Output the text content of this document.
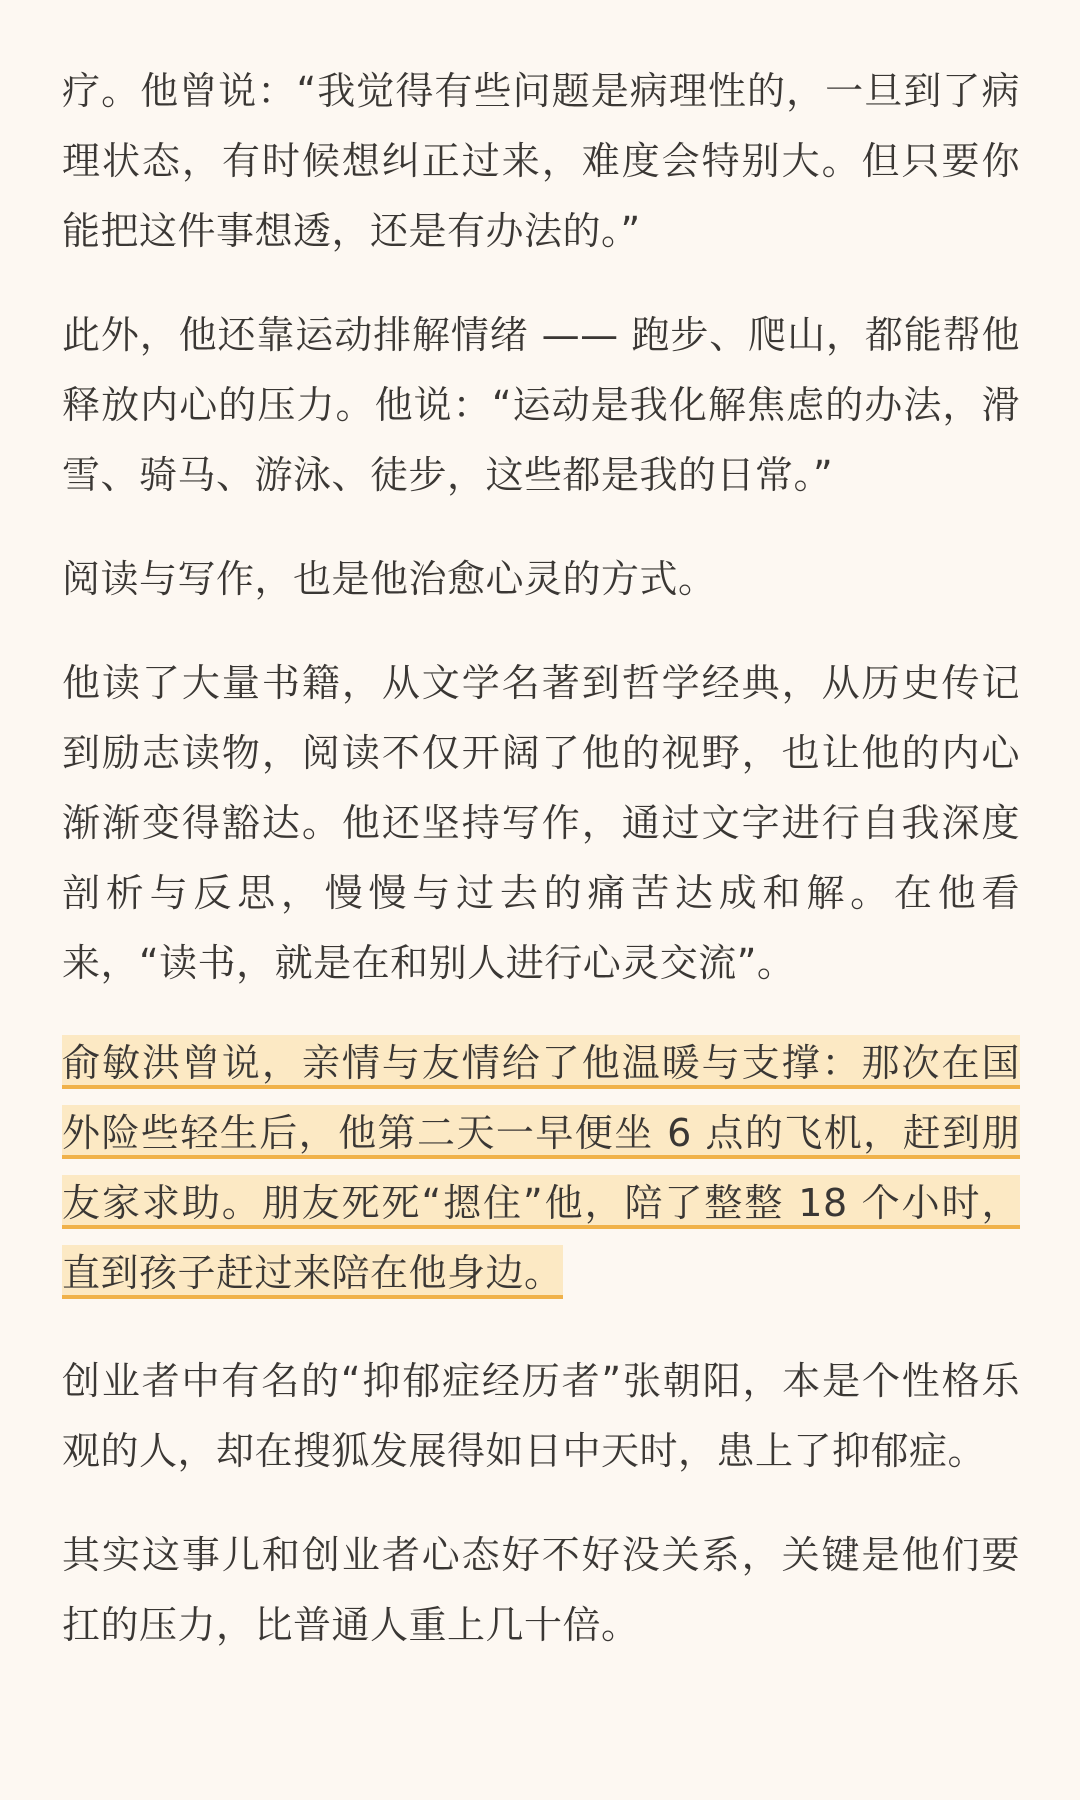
疗。他曾说：“我觉得有些问题是病理性的，一旦到了病理状态，有时候想纠正过来，难度会特别大。但只要你能把这件事想透，还是有办法的。”

此外，他还靠运动排解情绪 —— 跑步、爬山，都能帮他释放内心的压力。他说：“运动是我化解焦虑的办法，滑雪、骑马、游泳、徒步，这些都是我的日常。”

阅读与写作，也是他治愈心灵的方式。

他读了大量书籍，从文学名著到哲学经典，从历史传记到励志读物，阅读不仅开阔了他的视野，也让他的内心渐渐变得豁达。他还坚持写作，通过文字进行自我深度剖析与反思，慢慢与过去的痛苦达成和解。在他看来，“读书，就是在和别人进行心灵交流”。

俞敏洪曾说，亲情与友情给了他温暖与支撑：那次在国外险些轻生后，他第二天一早便坐 6 点的飞机，赶到朋友家求助。朋友死死“摁住”他，陪了整整 18 个小时，直到孩子赶过来陪在他身边。

创业者中有名的“抑郁症经历者”张朝阳，本是个性格乐观的人，却在搜狐发展得如日中天时，患上了抑郁症。

其实这事儿和创业者心态好不好没关系，关键是他们要扛的压力，比普通人重上几十倍。
